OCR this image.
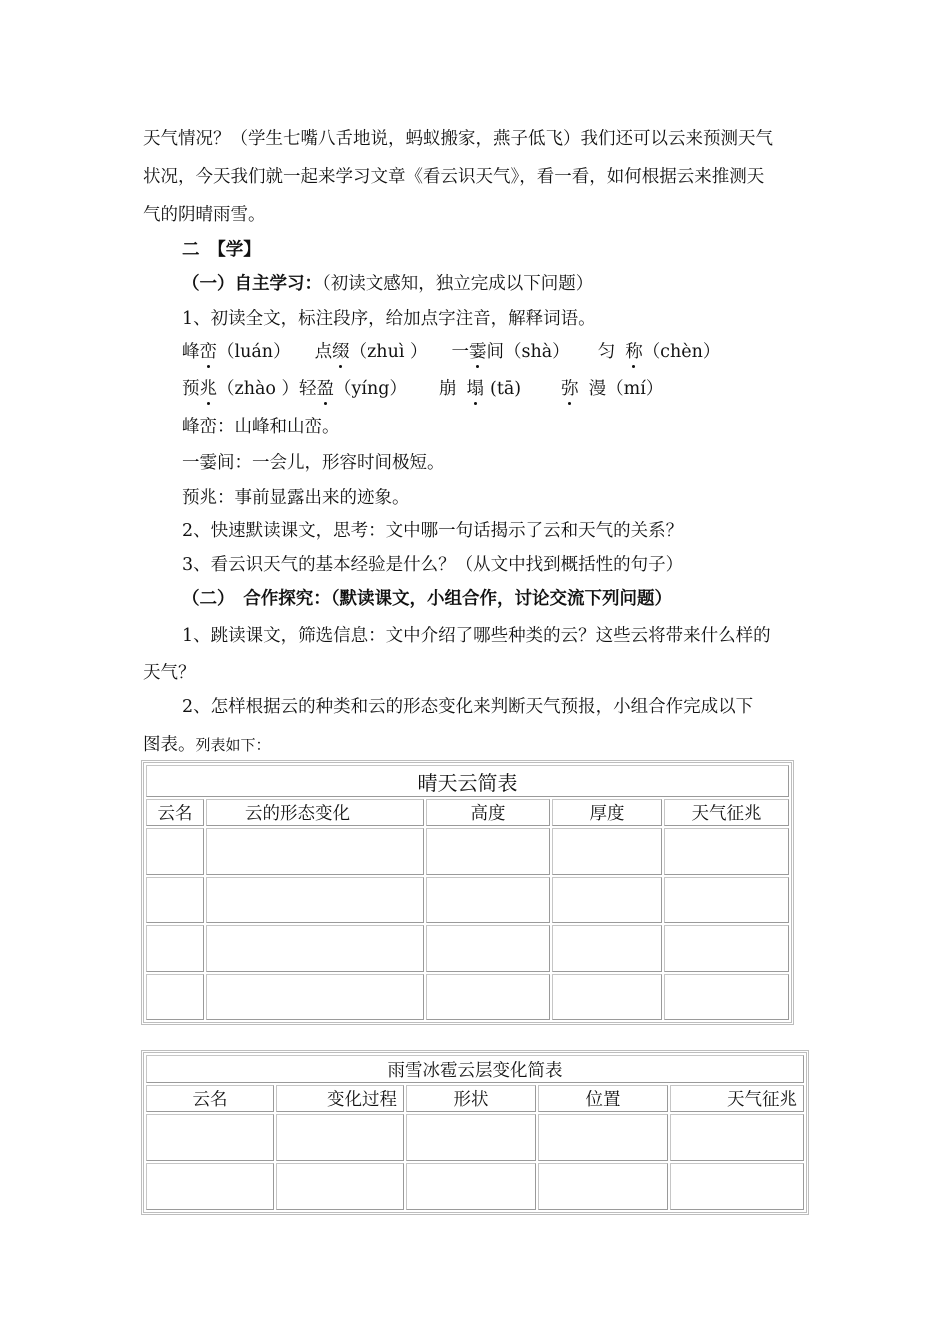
天气情况？（学生七嘴八舌地说，蚂蚁搬家，燕子低飞）我们还可以云来预测天气

状况，今天我们就一起来学习文章《看云识天气》，看一看，如何根据云来推测天

气的阴晴雨雪。

二　【学】

（一）自主学习：（初读文感知，独立完成以下问题）

1、初读全文，标注段序，给加点字注音，解释词语。

峰峦（luán） 点缀（zhuì ） 一霎间（shà） 匀 称（chèn）

预兆（zhào ）轻盈（yíng） 崩 塌 (tā) 弥 漫（mí）

峰峦：山峰和山峦。

一霎间：一会儿，形容时间极短。

预兆：事前显露出来的迹象。

2、快速默读课文，思考：文中哪一句话揭示了云和天气的关系？

3、看云识天气的基本经验是什么？（从文中找到概括性的句子）

（二）　合作探究：（默读课文，小组合作，讨论交流下列问题）

1、跳读课文，筛选信息：文中介绍了哪些种类的云？这些云将带来什么样的

天气？

2、怎样根据云的种类和云的形态变化来判断天气预报，小组合作完成以下

图表。列表如下：

晴天云简表				
云名	云的形态变化	高度	厚度	天气征兆

雨雪冰雹云层变化简表				
云名	变化过程	形状	位置	天气征兆
